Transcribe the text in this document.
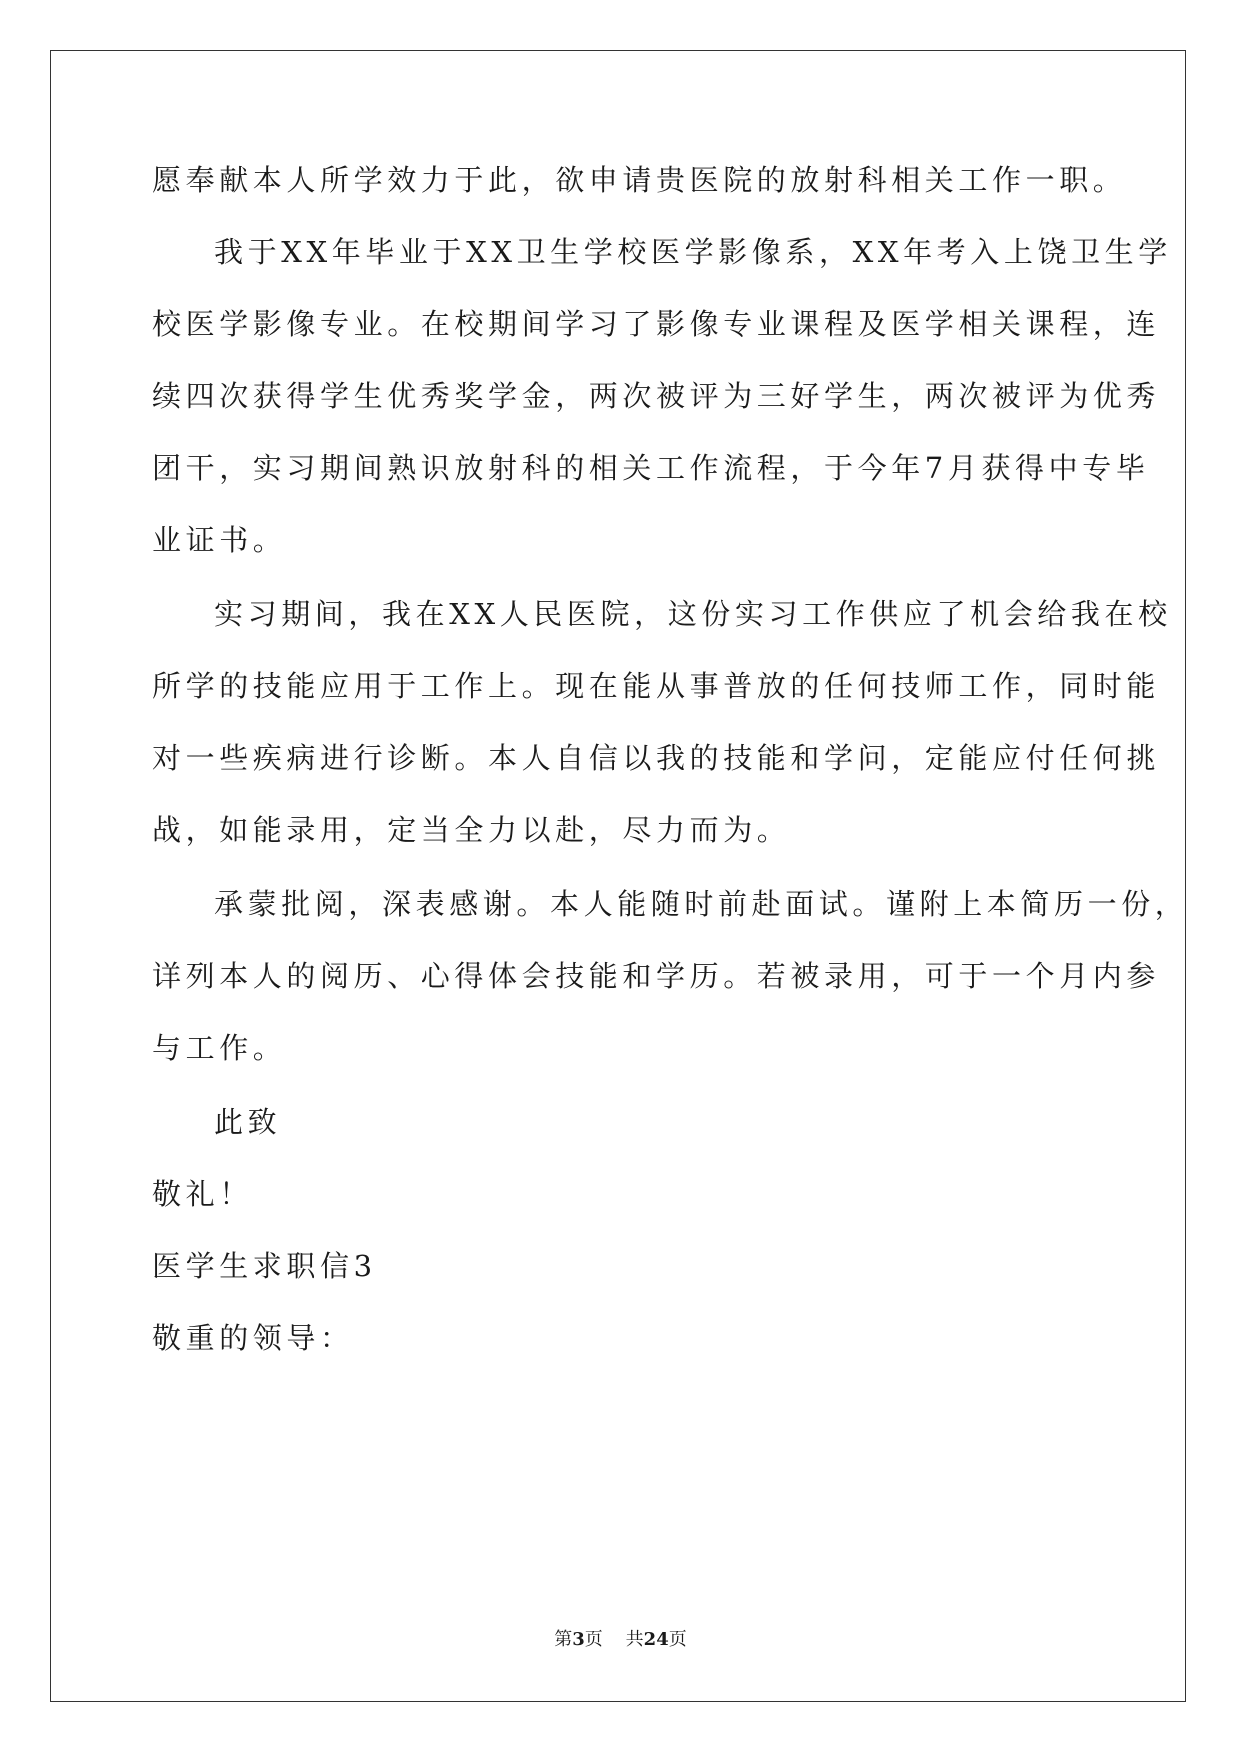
愿奉献本人所学效力于此，欲申请贵医院的放射科相关工作一职。
我于XX年毕业于XX卫生学校医学影像系，XX年考入上饶卫生学
校医学影像专业。在校期间学习了影像专业课程及医学相关课程，连
续四次获得学生优秀奖学金，两次被评为三好学生，两次被评为优秀
团干，实习期间熟识放射科的相关工作流程，于今年7月获得中专毕
业证书。
实习期间，我在XX人民医院，这份实习工作供应了机会给我在校
所学的技能应用于工作上。现在能从事普放的任何技师工作，同时能
对一些疾病进行诊断。本人自信以我的技能和学问，定能应付任何挑
战，如能录用，定当全力以赴，尽力而为。
承蒙批阅，深表感谢。本人能随时前赴面试。谨附上本简历一份，
详列本人的阅历、心得体会技能和学历。若被录用，可于一个月内参
与工作。
此致
敬礼！
医学生求职信3
敬重的领导：
第3页    共24页
